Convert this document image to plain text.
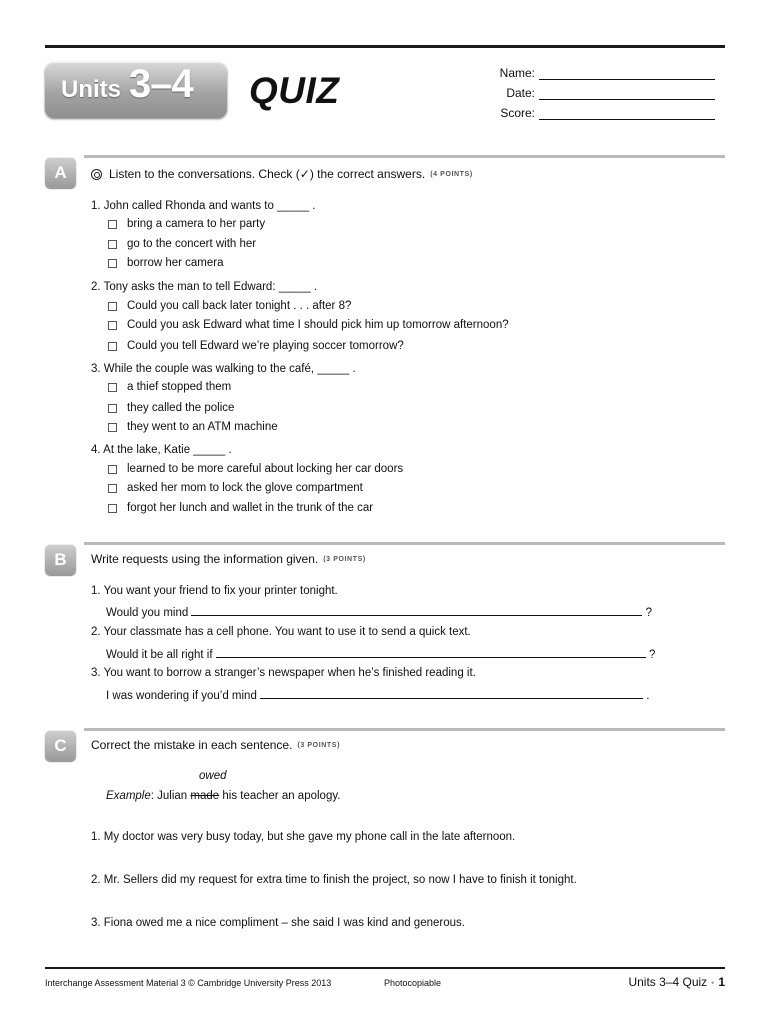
Units 3–4 QUIZ	Name:
Date:
Score:
A	Listen to the conversations. Check (✓) the correct answers. (4 POINTS)
1. John called Rhonda and wants to _____ .
bring a camera to her party
go to the concert with her
borrow her camera
2. Tony asks the man to tell Edward: _____ .
Could you call back later tonight . . . after 8?
Could you ask Edward what time I should pick him up tomorrow afternoon?
Could you tell Edward we’re playing soccer tomorrow?
3. While the couple was walking to the café, _____ .
a thief stopped them
they called the police
they went to an ATM machine
4. At the lake, Katie _____ .
learned to be more careful about locking her car doors
asked her mom to lock the glove compartment
forgot her lunch and wallet in the trunk of the car
B	Write requests using the information given. (3 POINTS)
1. You want your friend to fix your printer tonight.
Would you mind	?
2. Your classmate has a cell phone. You want to use it to send a quick text.
Would it be all right if	?
3. You want to borrow a stranger’s newspaper when he’s finished reading it.
I was wondering if you’d mind	.
C	Correct the mistake in each sentence. (3 POINTS)
owed
Example: Julian made his teacher an apology.
1. My doctor was very busy today, but she gave my phone call in the late afternoon.
2. Mr. Sellers did my request for extra time to finish the project, so now I have to finish it tonight.
3. Fiona owed me a nice compliment – she said I was kind and generous.
Interchange Assessment Material 3 © Cambridge University Press 2013	Photocopiable	Units 3–4 Quiz • 1
